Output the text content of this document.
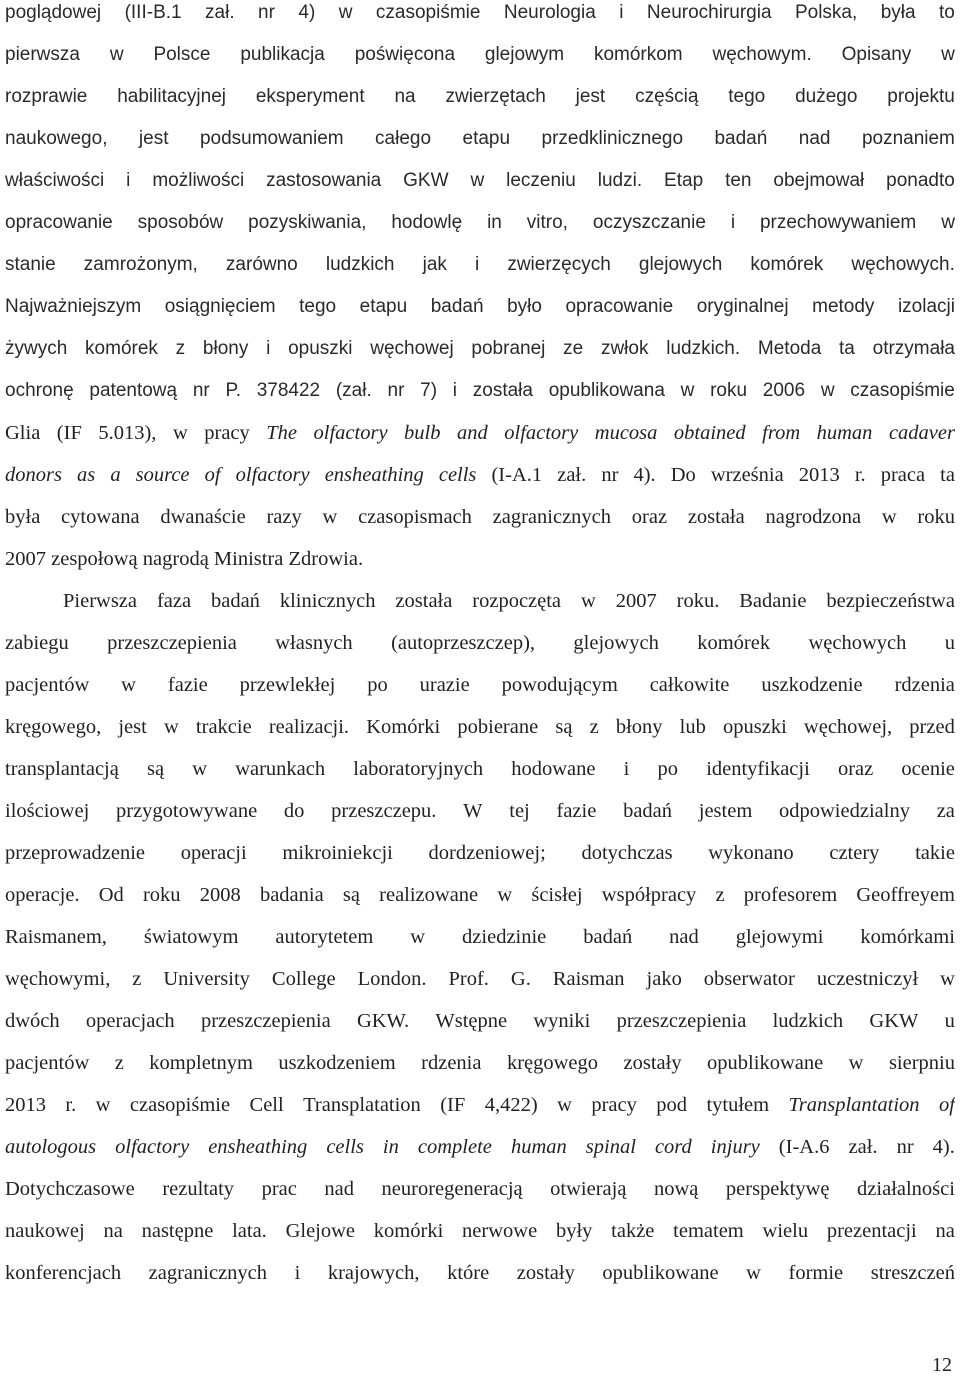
poglądowej (III-B.1 zał. nr 4) w czasopiśmie Neurologia i Neurochirurgia Polska, była to
pierwsza w Polsce publikacja poświęcona glejowym komórkom węchowym. Opisany w
rozprawie habilitacyjnej eksperyment na zwierzętach jest częścią tego dużego projektu
naukowego, jest podsumowaniem całego etapu przedklinicznego badań nad poznaniem
właściwości i możliwości zastosowania GKW w leczeniu ludzi. Etap ten obejmował ponadto
opracowanie sposobów pozyskiwania, hodowlę in vitro, oczyszczanie i przechowywaniem w
stanie zamrożonym, zarówno ludzkich jak i zwierzęcych glejowych komórek węchowych.
Najważniejszym osiągnięciem tego etapu badań było opracowanie oryginalnej metody izolacji
żywych komórek z błony i opuszki węchowej pobranej ze zwłok ludzkich. Metoda ta otrzymała
ochronę patentową nr P. 378422 (zał. nr 7) i została opublikowana w roku 2006 w czasopiśmie
Glia (IF 5.013), w pracy The olfactory bulb and olfactory mucosa obtained from human cadaver
donors as a source of olfactory ensheathing cells (I-A.1 zał. nr 4). Do września 2013 r. praca ta
była cytowana dwanaście razy w czasopismach zagranicznych oraz została nagrodzona w roku
2007 zespołową nagrodą Ministra Zdrowia.
Pierwsza faza badań klinicznych została rozpoczęta w 2007 roku. Badanie bezpieczeństwa
zabiegu przeszczepienia własnych (autoprzeszczep), glejowych komórek węchowych u
pacjentów w fazie przewlekłej po urazie powodującym całkowite uszkodzenie rdzenia
kręgowego, jest w trakcie realizacji. Komórki pobierane są z błony lub opuszki węchowej, przed
transplantacją są w warunkach laboratoryjnych hodowane i po identyfikacji oraz ocenie
ilościowej przygotowywane do przeszczepu. W tej fazie badań jestem odpowiedzialny za
przeprowadzenie operacji mikroiniekcji dordzeniowej; dotychczas wykonano cztery takie
operacje. Od roku 2008 badania są realizowane w ścisłej współpracy z profesorem Geoffreyem
Raismanem, światowym autorytetem w dziedzinie badań nad glejowymi komórkami
węchowymi, z University College London. Prof. G. Raisman jako obserwator uczestniczył w
dwóch operacjach przeszczepienia GKW. Wstępne wyniki przeszczepienia ludzkich GKW u
pacjentów z kompletnym uszkodzeniem rdzenia kręgowego zostały opublikowane w sierpniu
2013 r. w czasopiśmie Cell Transplatation (IF 4,422) w pracy pod tytułem Transplantation of
autologous olfactory ensheathing cells in complete human spinal cord injury (I-A.6 zał. nr 4).
Dotychczasowe rezultaty prac nad neuroregeneracją otwierają nową perspektywę działalności
naukowej na następne lata. Glejowe komórki nerwowe były także tematem wielu prezentacji na
konferencjach zagranicznych i krajowych, które zostały opublikowane w formie streszczeń
12
